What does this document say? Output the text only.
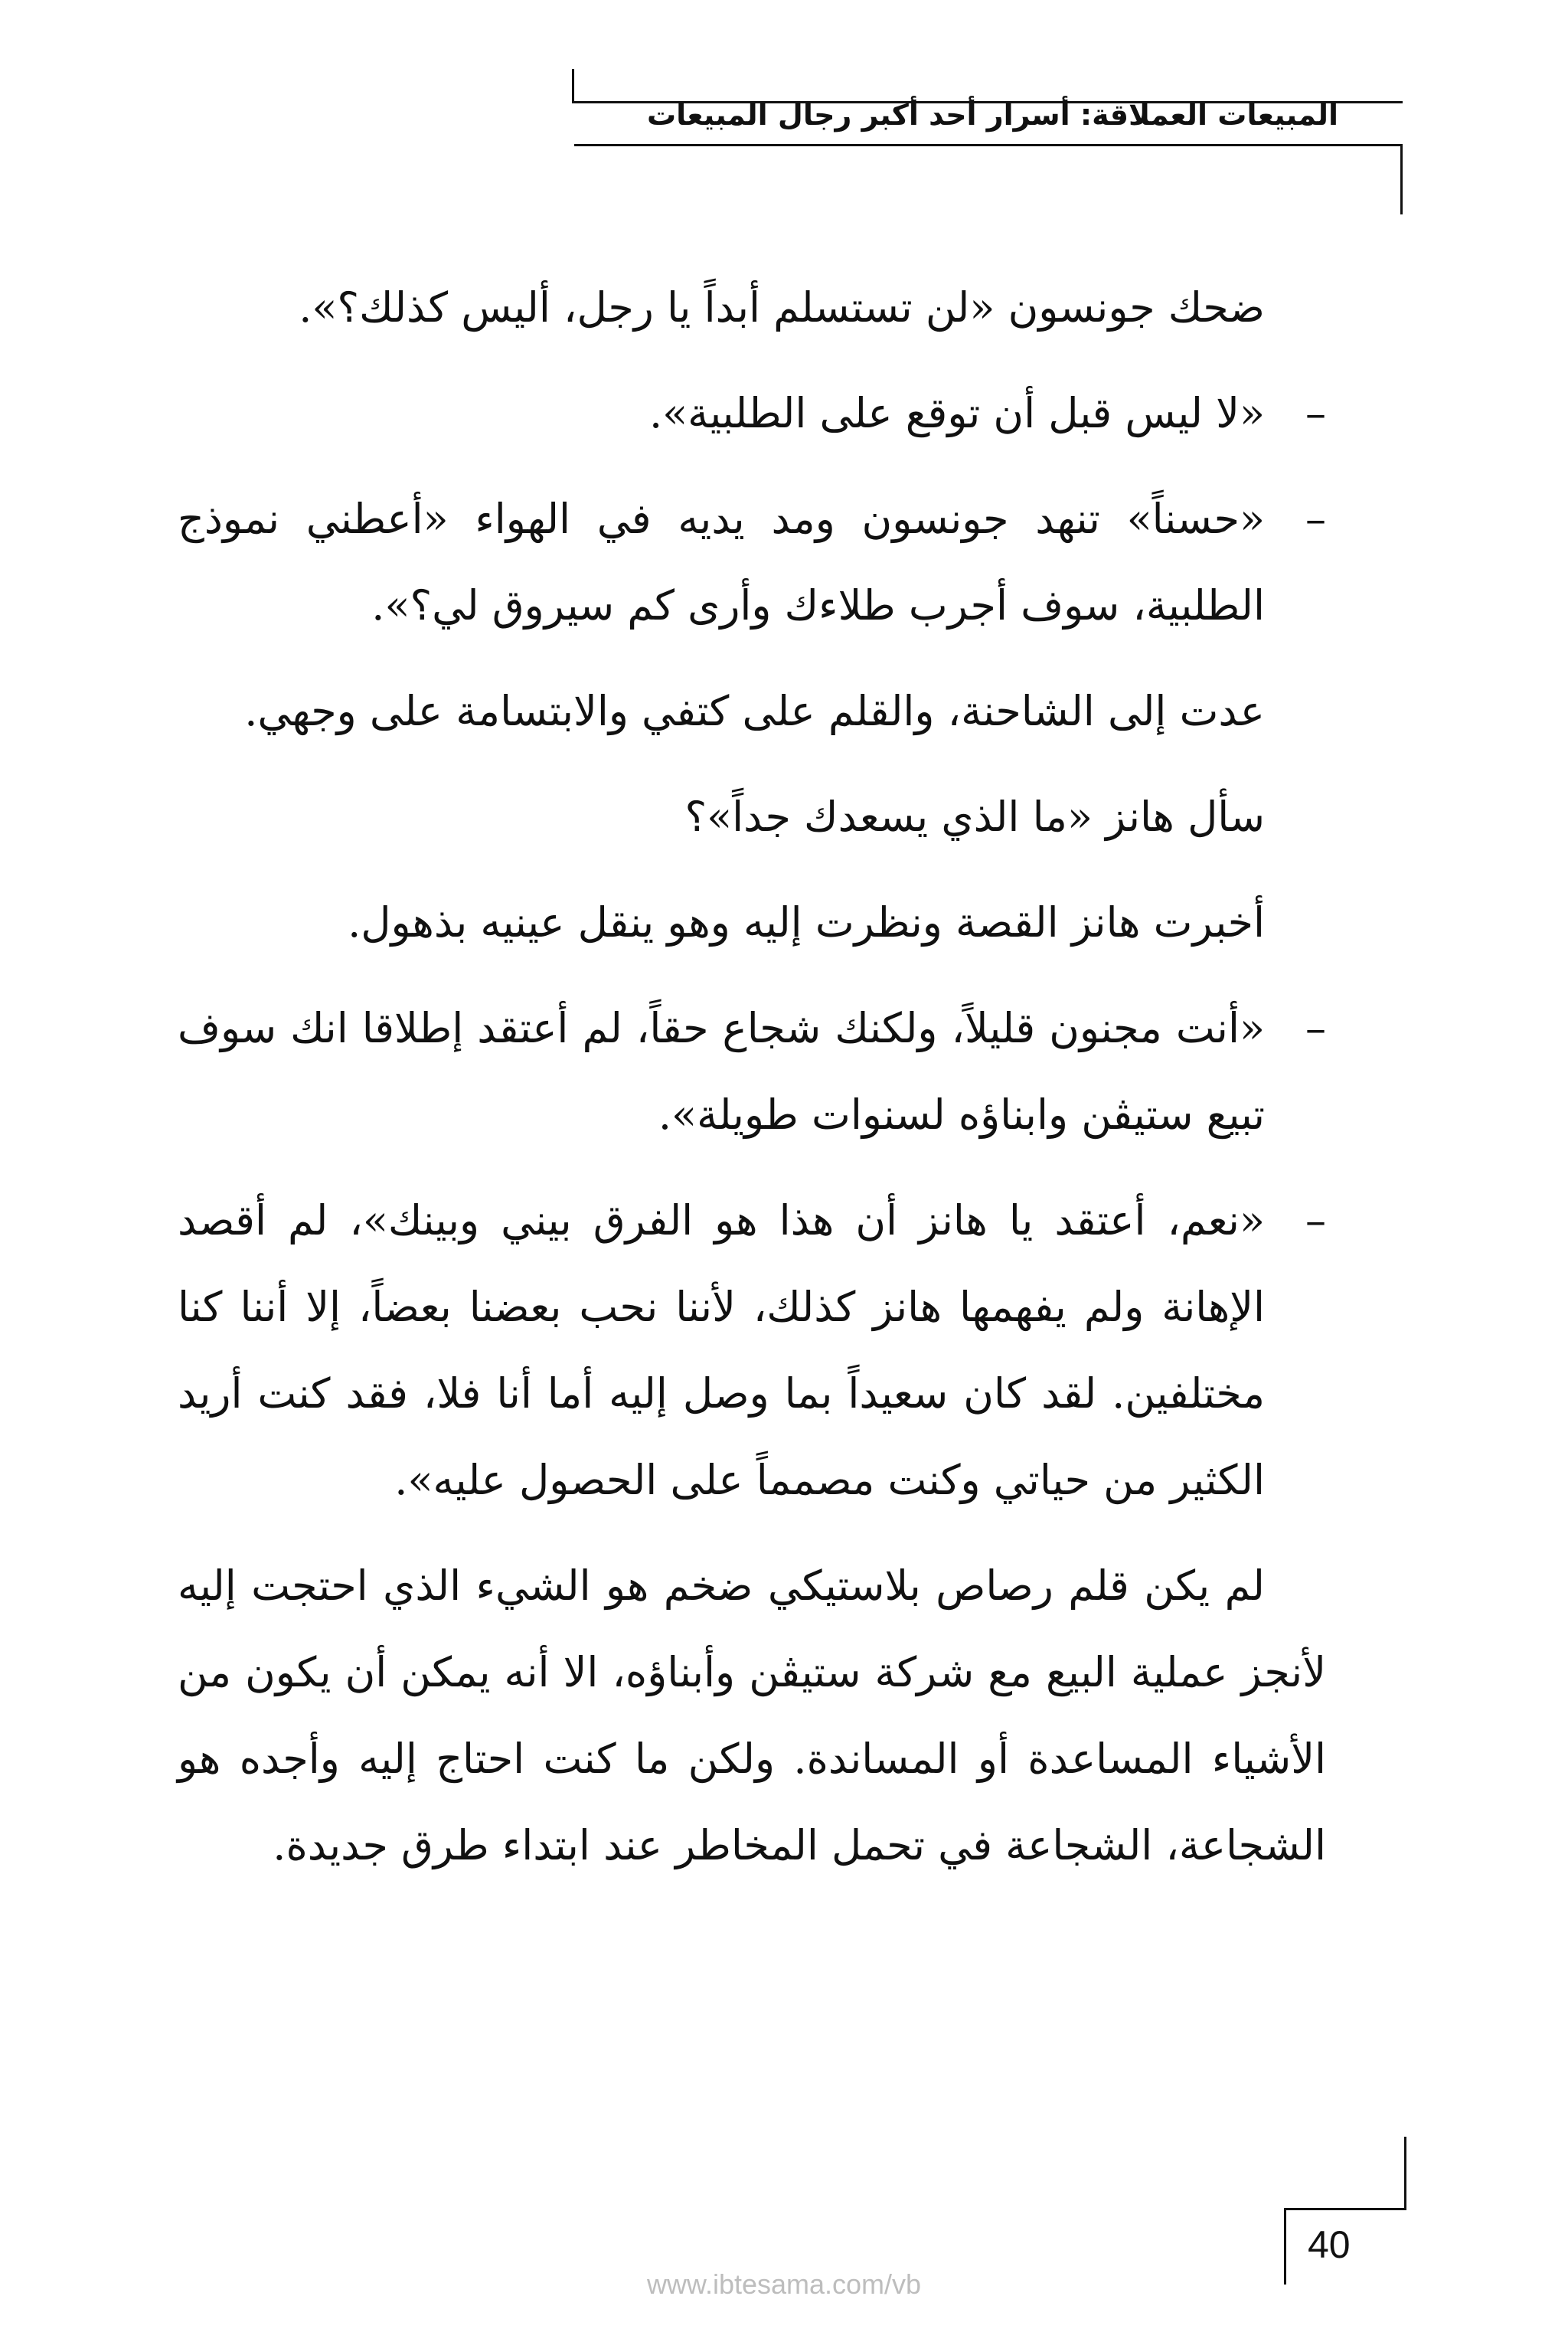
المبيعات العملاقة: أسرار أحد أكبر رجال المبيعات

ضحك جونسون «لن تستسلم أبداً يا رجل، أليس كذلك؟».

–
«لا ليس قبل أن توقع على الطلبية».

–
«حسناً» تنهد جونسون ومد يديه في الهواء «أعطني نموذج الطلبية، سوف أجرب طلاءك وأرى كم سيروق لي؟».

عدت إلى الشاحنة، والقلم على كتفي والابتسامة على وجهي.

سأل هانز «ما الذي يسعدك جداً»؟

أخبرت هانز القصة ونظرت إليه وهو ينقل عينيه بذهول.

–
«أنت مجنون قليلاً، ولكنك شجاع حقاً، لم أعتقد إطلاقا انك سوف تبيع ستيڤن وابناؤه لسنوات طويلة».

–
«نعم، أعتقد يا هانز أن هذا هو الفرق بيني وبينك»، لم أقصد الإهانة ولم يفهمها هانز كذلك، لأننا نحب بعضنا بعضاً، إلا أننا كنا مختلفين. لقد كان سعيداً بما وصل إليه أما أنا فلا، فقد كنت أريد الكثير من حياتي وكنت مصمماً على الحصول عليه».

لم يكن قلم رصاص بلاستيكي ضخم هو الشيء الذي احتجت إليه لأنجز عملية البيع مع شركة ستيڤن وأبناؤه، الا أنه يمكن أن يكون من الأشياء المساعدة أو المساندة. ولكن ما كنت احتاج إليه وأجده هو الشجاعة، الشجاعة في تحمل المخاطر عند ابتداء طرق جديدة.

40
www.ibtesama.com/vb
